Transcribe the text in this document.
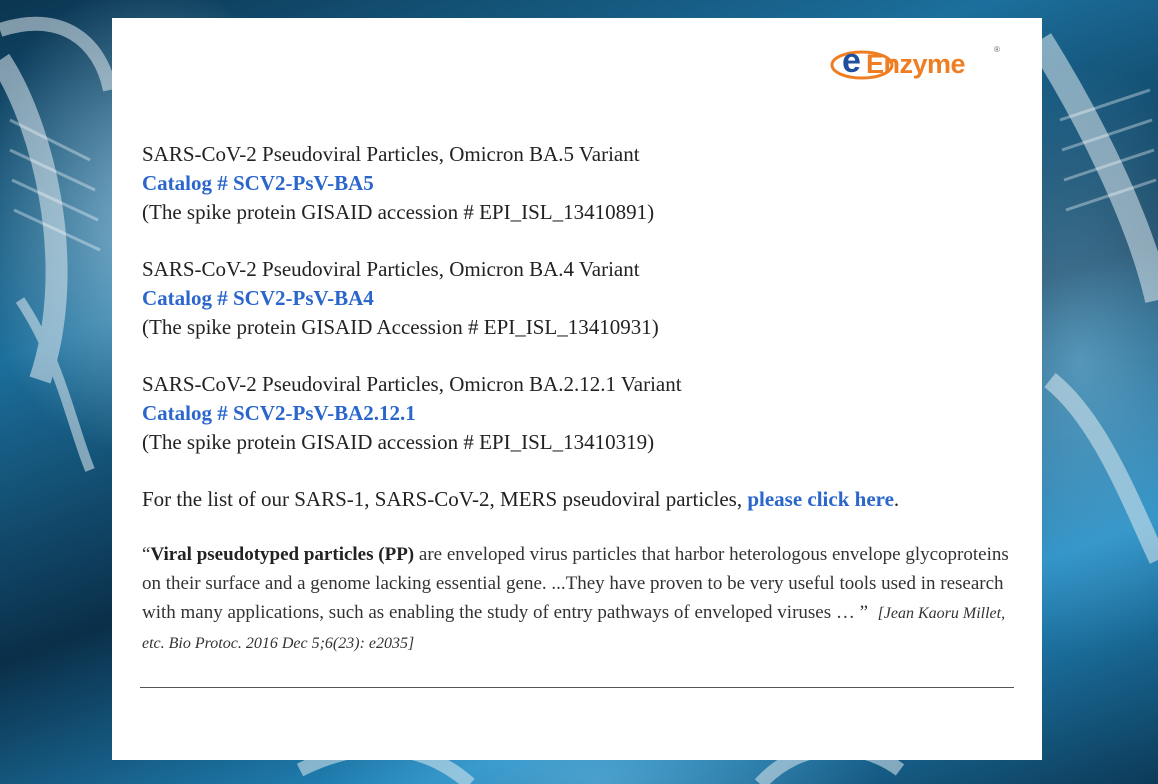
e Enzyme	®
SARS-CoV-2 Pseudoviral Particles, Omicron BA.5 Variant
Catalog # SCV2-PsV-BA5
(The spike protein GISAID accession # EPI_ISL_13410891)
SARS-CoV-2 Pseudoviral Particles, Omicron BA.4 Variant
Catalog # SCV2-PsV-BA4
(The spike protein GISAID Accession # EPI_ISL_13410931)
SARS-CoV-2 Pseudoviral Particles, Omicron BA.2.12.1 Variant
Catalog # SCV2-PsV-BA2.12.1
(The spike protein GISAID accession # EPI_ISL_13410319)
For the list of our SARS-1, SARS-CoV-2, MERS pseudoviral particles, please click here.

“Viral pseudotyped particles (PP) are enveloped virus particles that harbor heterologous envelope glycoproteins on their surface and a genome lacking essential gene. ...They have proven to be very useful tools used in research with many applications, such as enabling the study of entry pathways of enveloped viruses … ” [Jean Kaoru Millet, etc. Bio Protoc. 2016 Dec 5;6(23): e2035]
